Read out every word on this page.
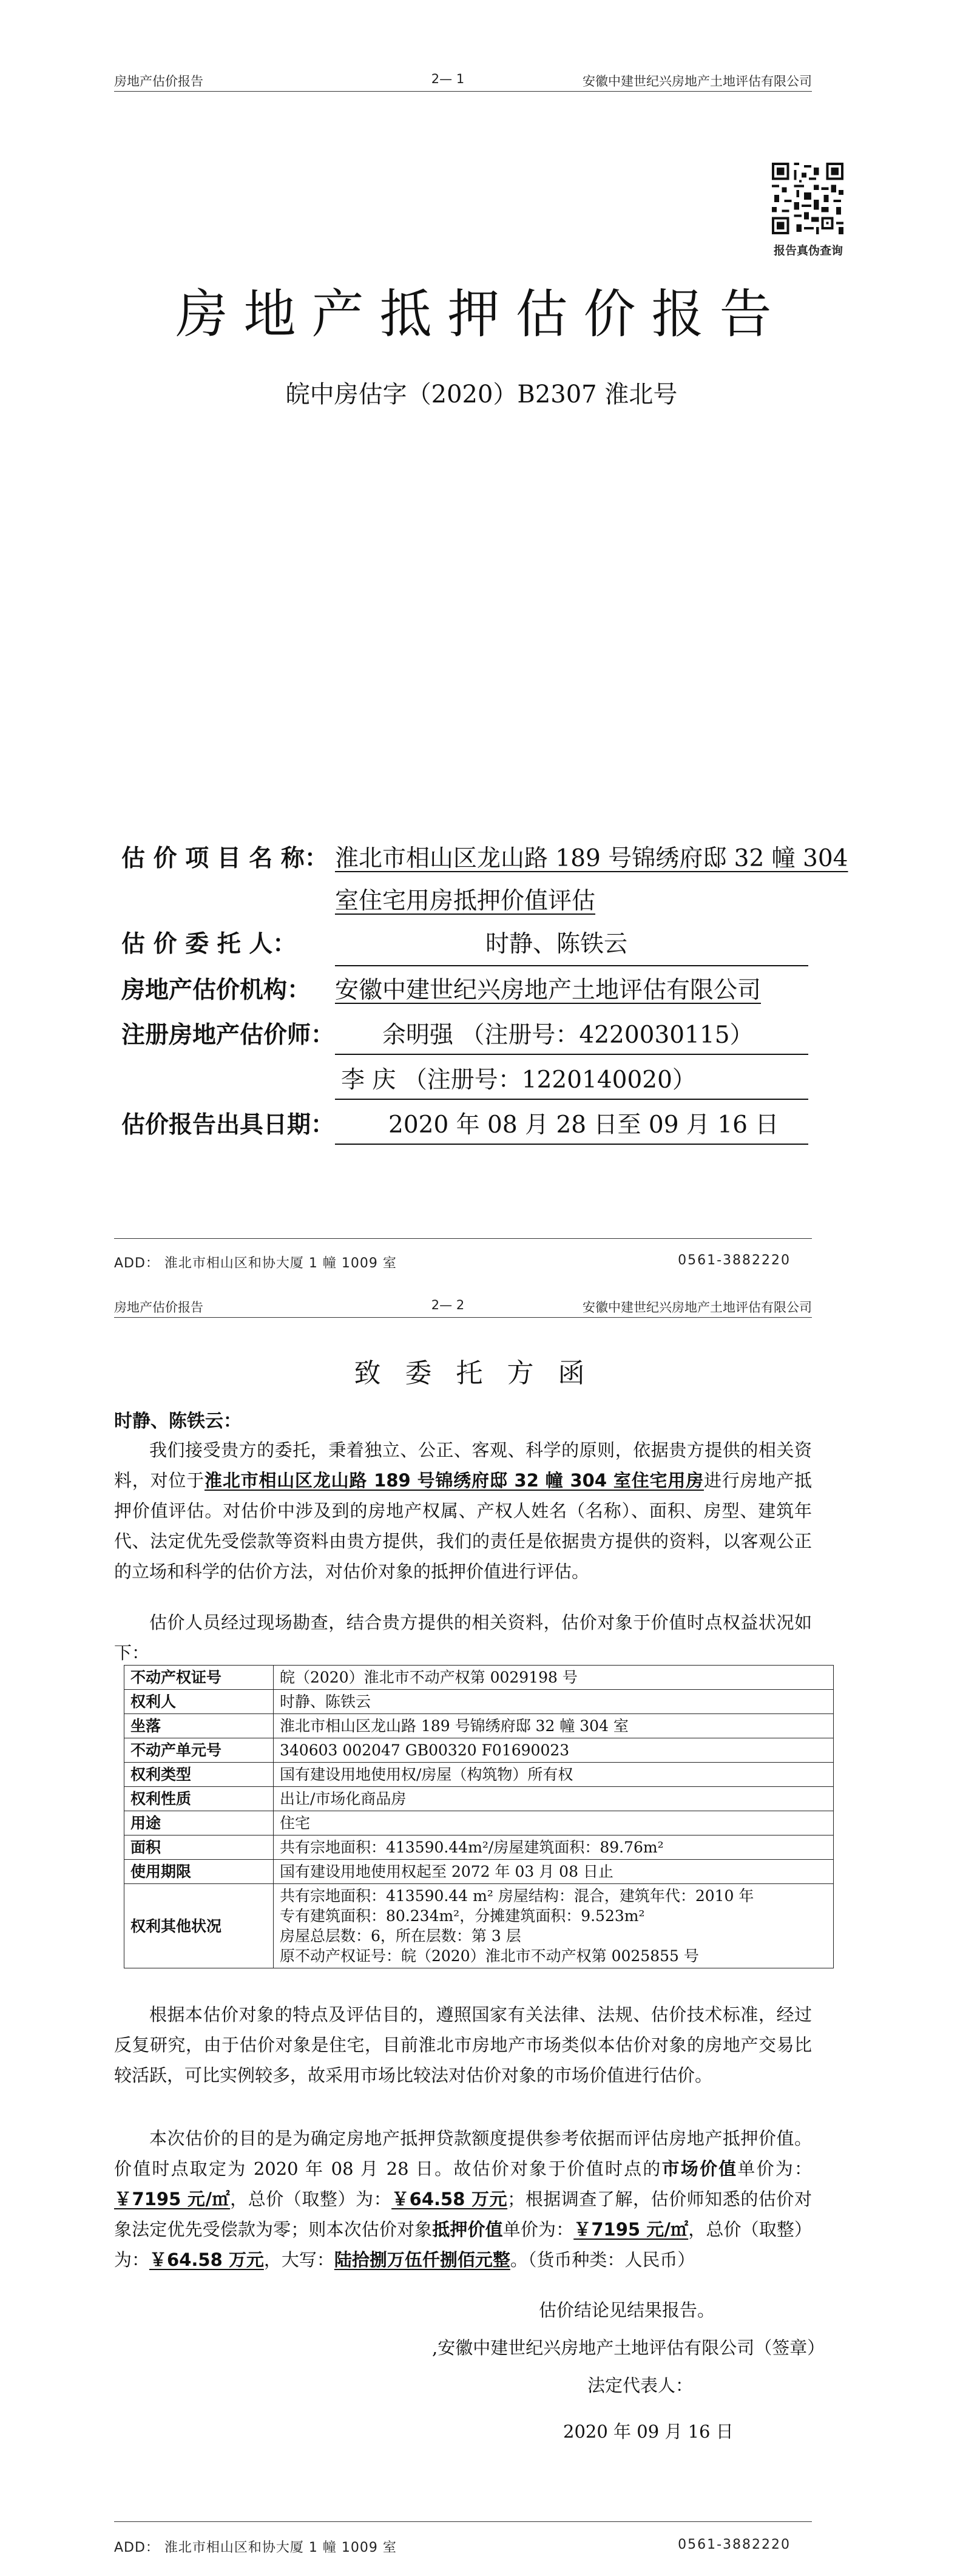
房地产估价报告	2— 1	安徽中建世纪兴房地产土地评估有限公司
报告真伪查询
房地产抵押估价报告
皖中房估字（2020）B2307 淮北号
估 价 项 目 名 称： 淮北市相山区龙山路 189 号锦绣府邸 32 幢 304
室住宅用房抵押价值评估
估 价 委 托 人：	时静、陈铁云
房地产估价机构： 安徽中建世纪兴房地产土地评估有限公司
注册房地产估价师： 余明强 （注册号：4220030115）
李 庆 （注册号：1220140020）
估价报告出具日期： 2020 年 08 月 28 日至 09 月 16 日
ADD： 淮北市相山区和协大厦 1 幢 1009 室	0561-3882220
房地产估价报告	2— 2	安徽中建世纪兴房地产土地评估有限公司
致委托方函
时静、陈铁云：
我们接受贵方的委托，秉着独立、公正、客观、科学的原则，依据贵方提供的相关资料，对位于淮北市相山区龙山路 189 号锦绣府邸 32 幢 304 室住宅用房进行房地产抵押价值评估。对估价中涉及到的房地产权属、产权人姓名（名称）、面积、房型、建筑年代、法定优先受偿款等资料由贵方提供，我们的责任是依据贵方提供的资料，以客观公正的立场和科学的估价方法，对估价对象的抵押价值进行评估。
估价人员经过现场勘查，结合贵方提供的相关资料，估价对象于价值时点权益状况如下：
不动产权证号	皖（2020）淮北市不动产权第 0029198 号
权利人	时静、陈铁云
坐落	淮北市相山区龙山路 189 号锦绣府邸 32 幢 304 室
不动产单元号	340603 002047 GB00320 F01690023
权利类型	国有建设用地使用权/房屋（构筑物）所有权
权利性质	出让/市场化商品房
用途	住宅
面积	共有宗地面积：413590.44m²/房屋建筑面积：89.76m²
使用期限	国有建设用地使用权起至 2072 年 03 月 08 日止
权利其他状况	共有宗地面积：413590.44 m² 房屋结构：混合，建筑年代：2010 年
专有建筑面积：80.234m²，分摊建筑面积：9.523m²
房屋总层数：6，所在层数：第 3 层
原不动产权证号：皖（2020）淮北市不动产权第 0025855 号
根据本估价对象的特点及评估目的，遵照国家有关法律、法规、估价技术标准，经过反复研究，由于估价对象是住宅，目前淮北市房地产市场类似本估价对象的房地产交易比较活跃，可比实例较多，故采用市场比较法对估价对象的市场价值进行估价。
本次估价的目的是为确定房地产抵押贷款额度提供参考依据而评估房地产抵押价值。价值时点取定为 2020 年 08 月 28 日。故估价对象于价值时点的市场价值单价为：￥7195 元/㎡，总价（取整）为：￥64.58 万元；根据调查了解，估价师知悉的估价对象法定优先受偿款为零；则本次估价对象抵押价值单价为：￥7195 元/㎡，总价（取整）为：￥64.58 万元，大写：陆拾捌万伍仟捌佰元整。（货币种类：人民币）
估价结论见结果报告。
,安徽中建世纪兴房地产土地评估有限公司（签章）
法定代表人：
2020 年 09 月 16 日
ADD： 淮北市相山区和协大厦 1 幢 1009 室	0561-3882220
